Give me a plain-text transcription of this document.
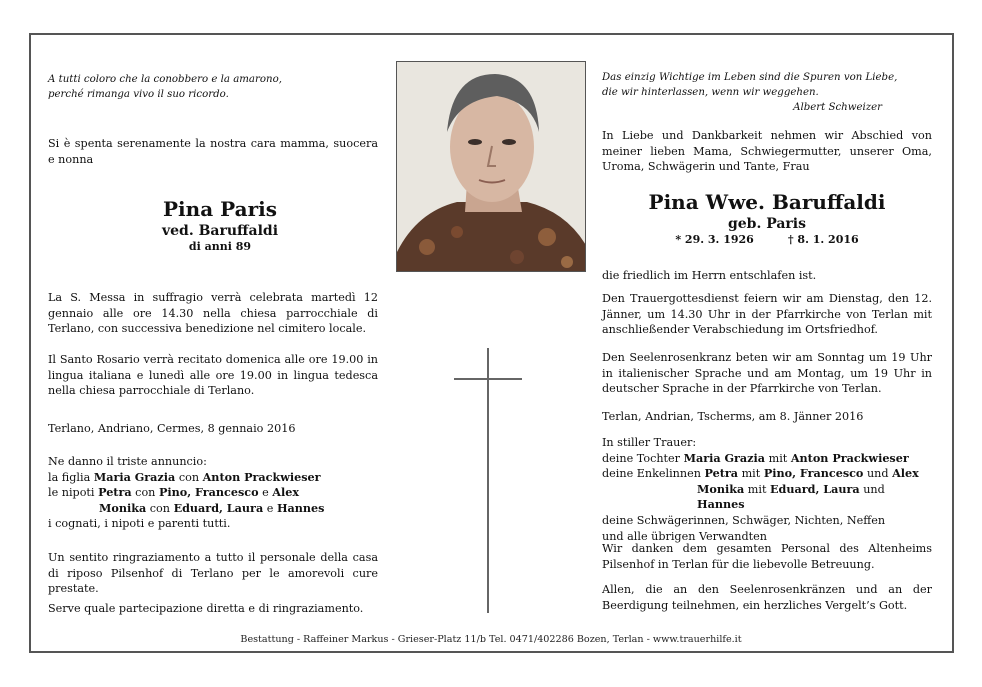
A tutti coloro che la conobbero e la amarono,
perché rimanga vivo il suo ricordo.
Si è spenta serenamente la nostra cara mamma, suocera e nonna
Pina Paris
ved. Baruffaldi
di anni 89
La S. Messa in suffragio verrà celebrata martedì 12 gennaio alle ore 14.30 nella chiesa parrocchiale di Terlano, con successiva benedizione nel cimitero locale.
Il Santo Rosario verrà recitato domenica alle ore 19.00 in lingua italiana e lunedì alle ore 19.00 in lingua tedesca nella chiesa parrocchiale di Terlano.
Terlano, Andriano, Cermes, 8 gennaio 2016
Ne danno il triste annuncio:
la figlia Maria Grazia con Anton Prackwieser
le nipoti Petra con Pino, Francesco e Alex
Monika con Eduard, Laura e Hannes
i cognati, i nipoti e parenti tutti.
Un sentito ringraziamento a tutto il personale della casa di riposo Pilsenhof di Terlano per le amorevoli cure prestate.
Serve quale partecipazione diretta e di ringraziamento.
Das einzig Wichtige im Leben sind die Spuren von Liebe,
die wir hinterlassen, wenn wir weggehen.
Albert Schweizer
In Liebe und Dankbarkeit nehmen wir Abschied von meiner lieben Mama, Schwiegermutter, unserer Oma, Uroma, Schwägerin und Tante, Frau
Pina Wwe. Baruffaldi
geb. Paris
* 29. 3. 1926	† 8. 1. 2016
die friedlich im Herrn entschlafen ist.
Den Trauergottesdienst feiern wir am Dienstag, den 12. Jänner, um 14.30 Uhr in der Pfarrkirche von Terlan mit anschließender Verabschiedung im Ortsfriedhof.
Den Seelenrosenkranz beten wir am Sonntag um 19 Uhr in italienischer Sprache und am Montag, um 19 Uhr in deutscher Sprache in der Pfarrkirche von Terlan.
Terlan, Andrian, Tscherms, am 8. Jänner 2016
In stiller Trauer:
deine Tochter Maria Grazia mit Anton Prackwieser
deine Enkelinnen Petra mit Pino, Francesco und Alex
Monika mit Eduard, Laura und Hannes
deine Schwägerinnen, Schwäger, Nichten, Neffen
und alle übrigen Verwandten
Wir danken dem gesamten Personal des Altenheims Pilsenhof in Terlan für die liebevolle Betreuung.
Allen, die an den Seelenrosenkränzen und an der Beerdigung teilnehmen, ein herzliches Vergelt’s Gott.
Bestattung - Raffeiner Markus - Grieser-Platz 11/b Tel. 0471/402286 Bozen, Terlan - www.trauerhilfe.it
